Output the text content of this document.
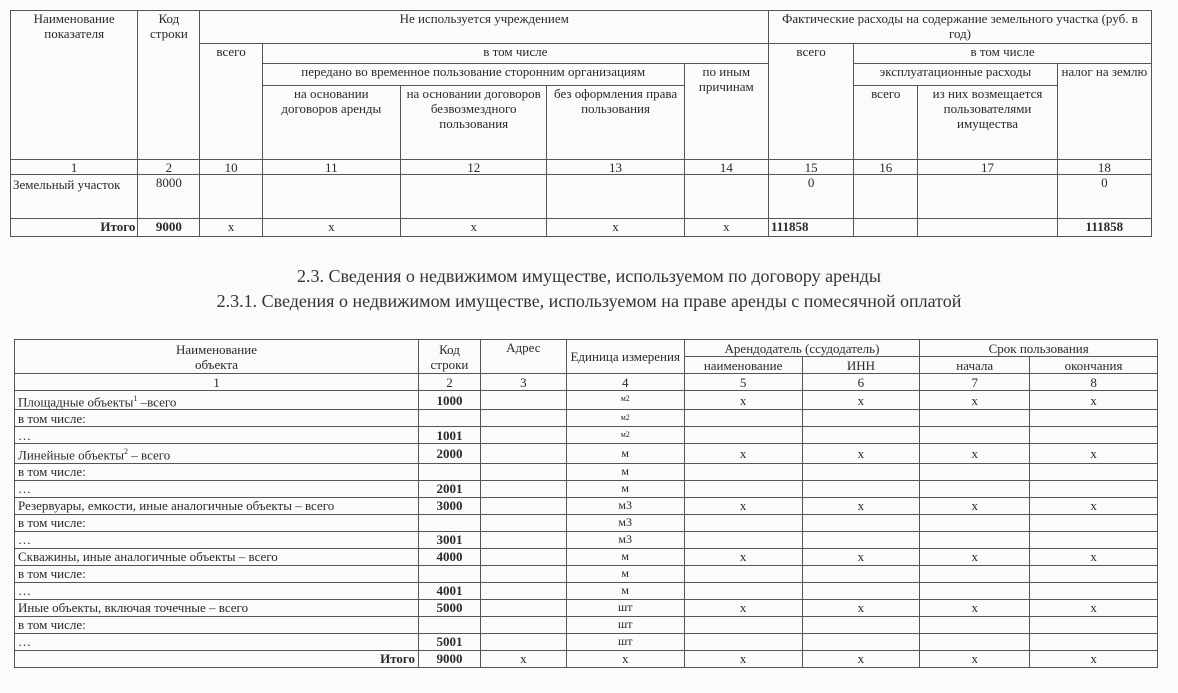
Наименование показателя	Код строки	Не используется учреждением					Фактические расходы на содержание земельного участка (руб. в год)			
		всего	в том числе				всего	в том числе		
			передано во временное пользование сторонним организациям			по иным причинам		эксплуатационные расходы		налог на землю
			на основании договоров аренды	на основании договоров безвозмездного пользования	без оформления права пользования			всего	из них возмещается пользователями имущества	
1	2	10	11	12	13	14	15	16	17	18
Земельный участок	8000						0			0
Итого	9000	х	х	х	х	х	111858			111858
2.3. Сведения о недвижимом имуществе, используемом по договору аренды
2.3.1. Сведения о недвижимом имуществе, используемом на праве аренды с помесячной оплатой
Наименование объекта	Код строки	Адрес	Единица измерения	Арендодатель (ссудодатель)		Срок пользования	
				наименование	ИНН	начала	окончания
1	2	3	4	5	6	7	8
Площадные объекты$^1$ –всего	1000		м2	х	х	х	х
в том числе:			м2				
…	1001		м2				
Линейные объекты$^2$ – всего	2000		м	х	х	х	х
в том числе:			м				
…	2001		м				
Резервуары, емкости, иные аналогичные объекты – всего	3000		м3	х	х	х	х
в том числе:			м3				
…	3001		м3				
Скважины, иные аналогичные объекты – всего	4000		м	х	х	х	х
в том числе:			м				
…	4001		м				
Иные объекты, включая точечные – всего	5000		шт	х	х	х	х
в том числе:			шт				
…	5001		шт				
Итого	9000	х	х	х	х	х	х
